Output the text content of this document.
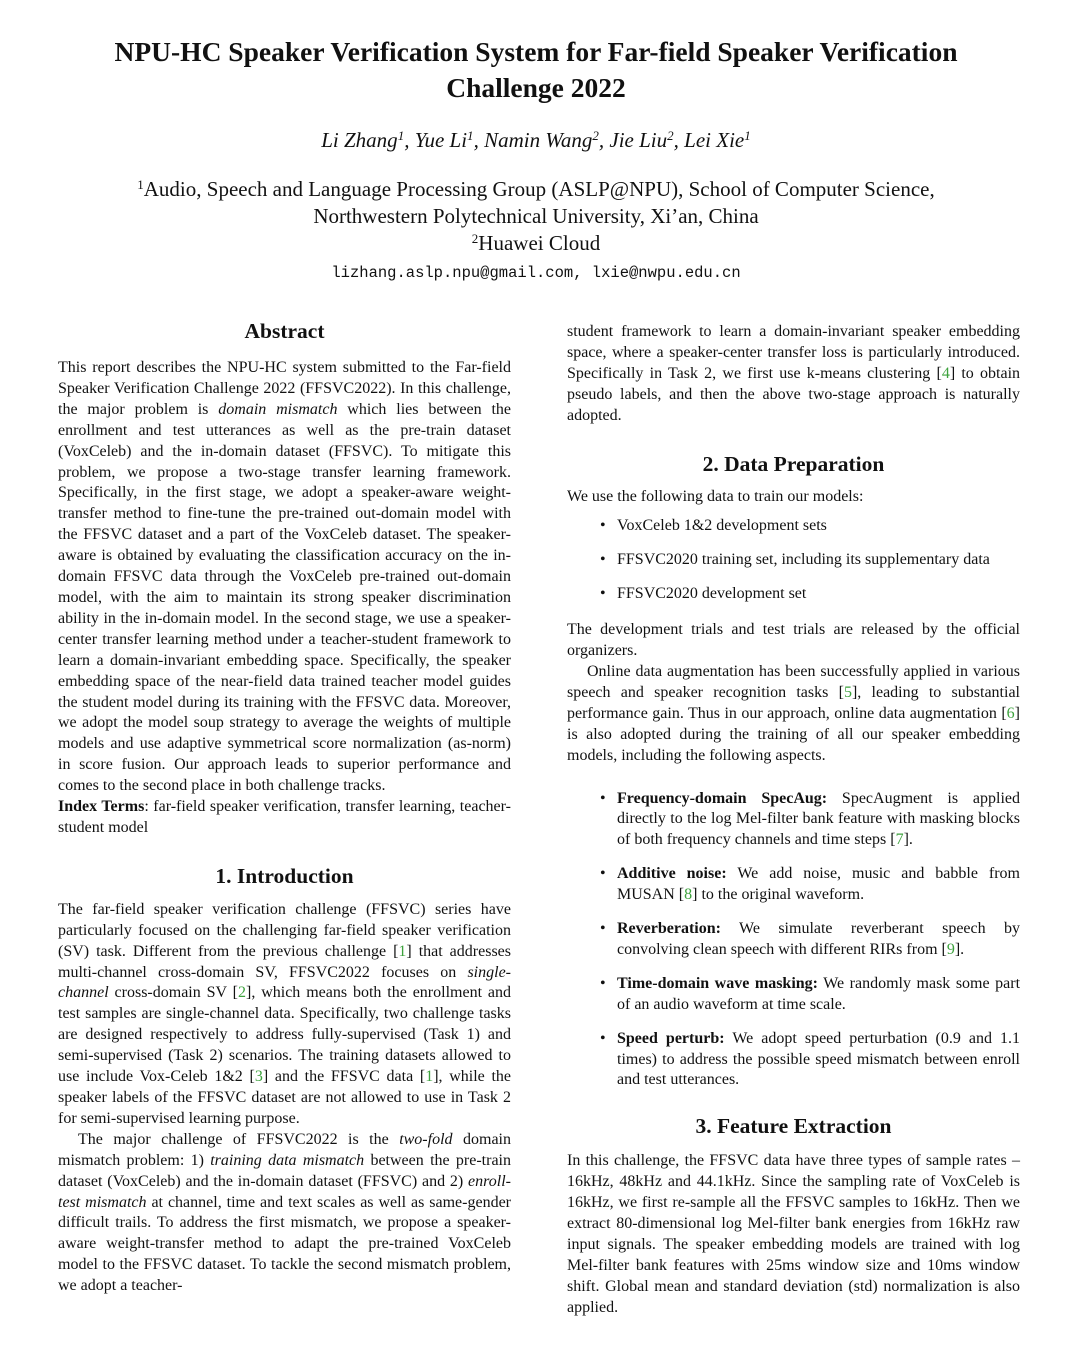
NPU-HC Speaker Verification System for Far-field Speaker Verification
Challenge 2022
Li Zhang$^1$, Yue Li$^1$, Namin Wang$^2$, Jie Liu$^2$, Lei Xie$^1$
$^1$Audio, Speech and Language Processing Group (ASLP@NPU), School of Computer Science,
Northwestern Polytechnical University, Xi’an, China
$^2$Huawei Cloud
lizhang.aslp.npu@gmail.com, lxie@nwpu.edu.cn
Abstract

This report describes the NPU-HC system submitted to the Far-field Speaker Verification Challenge 2022 (FFSVC2022). In this challenge, the major problem is domain mismatch which lies between the enrollment and test utterances as well as the pre-train dataset (VoxCeleb) and the in-domain dataset (FFSVC). To mitigate this problem, we propose a two-stage transfer learning framework. Specifically, in the first stage, we adopt a speaker-aware weight-transfer method to fine-tune the pre-trained out-domain model with the FFSVC dataset and a part of the VoxCeleb dataset. The speaker-aware is obtained by evaluating the classification accuracy on the in-domain FFSVC data through the VoxCeleb pre-trained out-domain model, with the aim to maintain its strong speaker discrimination ability in the in-domain model. In the second stage, we use a speaker-center transfer learning method under a teacher-student framework to learn a domain-invariant embedding space. Specifically, the speaker embedding space of the near-field data trained teacher model guides the student model during its training with the FFSVC data. Moreover, we adopt the model soup strategy to average the weights of multiple models and use adaptive symmetrical score normalization (as-norm) in score fusion. Our approach leads to superior performance and comes to the second place in both challenge tracks.

Index Terms: far-field speaker verification, transfer learning, teacher-student model

1. Introduction

The far-field speaker verification challenge (FFSVC) series have particularly focused on the challenging far-field speaker verification (SV) task. Different from the previous challenge [1] that addresses multi-channel cross-domain SV, FFSVC2022 focuses on single-channel cross-domain SV [2], which means both the enrollment and test samples are single-channel data. Specifically, two challenge tasks are designed respectively to address fully-supervised (Task 1) and semi-supervised (Task 2) scenarios. The training datasets allowed to use include Vox-Celeb 1&2 [3] and the FFSVC data [1], while the speaker labels of the FFSVC dataset are not allowed to use in Task 2 for semi-supervised learning purpose.

The major challenge of FFSVC2022 is the two-fold domain mismatch problem: 1) training data mismatch between the pre-train dataset (VoxCeleb) and the in-domain dataset (FFSVC) and 2) enroll-test mismatch at channel, time and text scales as well as same-gender difficult trails. To address the first mismatch, we propose a speaker-aware weight-transfer method to adapt the pre-trained VoxCeleb model to the FFSVC dataset. To tackle the second mismatch problem, we adopt a teacher-

student framework to learn a domain-invariant speaker embedding space, where a speaker-center transfer loss is particularly introduced. Specifically in Task 2, we first use k-means clustering [4] to obtain pseudo labels, and then the above two-stage approach is naturally adopted.

2. Data Preparation

We use the following data to train our models:

• VoxCeleb 1&2 development sets
• FFSVC2020 training set, including its supplementary data
• FFSVC2020 development set

The development trials and test trials are released by the official organizers.

Online data augmentation has been successfully applied in various speech and speaker recognition tasks [5], leading to substantial performance gain. Thus in our approach, online data augmentation [6] is also adopted during the training of all our speaker embedding models, including the following aspects.

• Frequency-domain SpecAug: SpecAugment is applied directly to the log Mel-filter bank feature with masking blocks of both frequency channels and time steps [7].
• Additive noise: We add noise, music and babble from MUSAN [8] to the original waveform.
• Reverberation: We simulate reverberant speech by convolving clean speech with different RIRs from [9].
• Time-domain wave masking: We randomly mask some part of an audio waveform at time scale.
• Speed perturb: We adopt speed perturbation (0.9 and 1.1 times) to address the possible speed mismatch between enroll and test utterances.
3. Feature Extraction

In this challenge, the FFSVC data have three types of sample rates – 16kHz, 48kHz and 44.1kHz. Since the sampling rate of VoxCeleb is 16kHz, we first re-sample all the FFSVC samples to 16kHz. Then we extract 80-dimensional log Mel-filter bank energies from 16kHz raw input signals. The speaker embedding models are trained with log Mel-filter bank features with 25ms window size and 10ms window shift. Global mean and standard deviation (std) normalization is also applied.
